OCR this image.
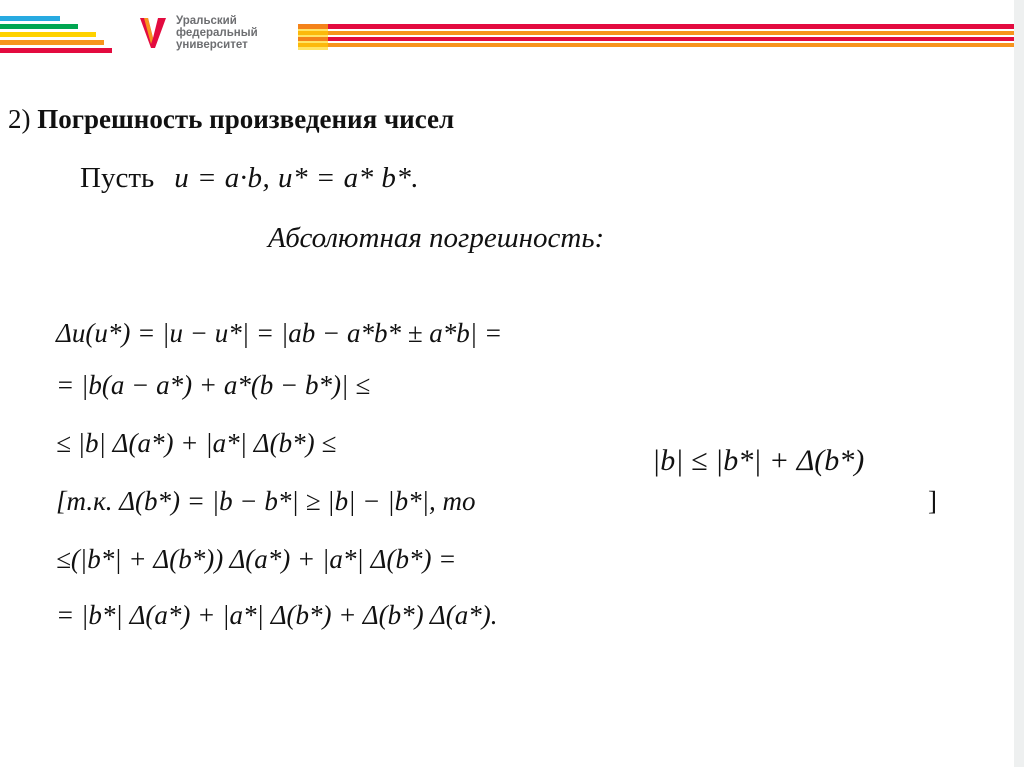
Уральский
федеральный
университет
2) Погрешность произведения чисел
Пусть u = a·b, u* = a* b*.
Абсолютная погрешность:
Δu(u*) = |u − u*| = |ab − a*b* ± a*b| =
= |b(a − a*) + a*(b − b*)| ≤
≤ |b| Δ(a*) + |a*| Δ(b*) ≤
[т.к. Δ(b*) = |b − b*| ≥ |b| − |b*|, то
≤(|b*| + Δ(b*)) Δ(a*) + |a*| Δ(b*) =
= |b*| Δ(a*) + |a*| Δ(b*) + Δ(b*) Δ(a*).
|b| ≤ |b*| + Δ(b*)
]
